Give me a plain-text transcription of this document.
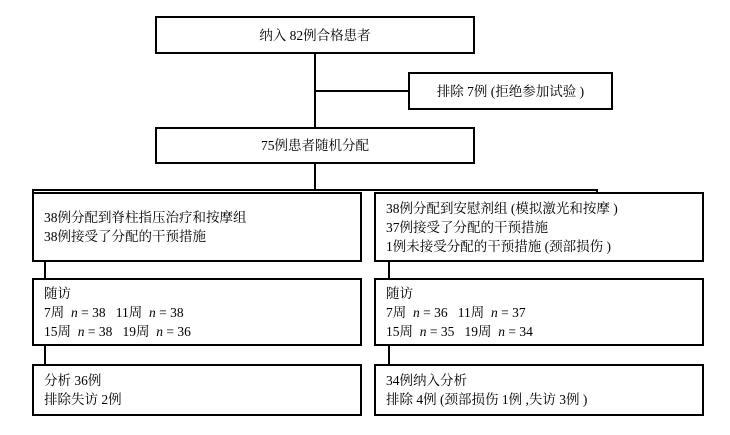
纳入 82例合格患者
排除 7例 (拒绝参加试验 )
75例患者随机分配
38例分配到脊柱指压治疗和按摩组
38例接受了分配的干预措施
38例分配到安慰剂组 (模拟激光和按摩 )
37例接受了分配的干预措施
1例未接受分配的干预措施 (颈部损伤 )
随访
7周  n = 38   11周  n = 38
15周  n = 38   19周  n = 36
随访
7周  n = 36   11周  n = 37
15周  n = 35   19周  n = 34
分析 36例
排除失访 2例
34例纳入分析
排除 4例 (颈部损伤 1例 ,失访 3例 )
